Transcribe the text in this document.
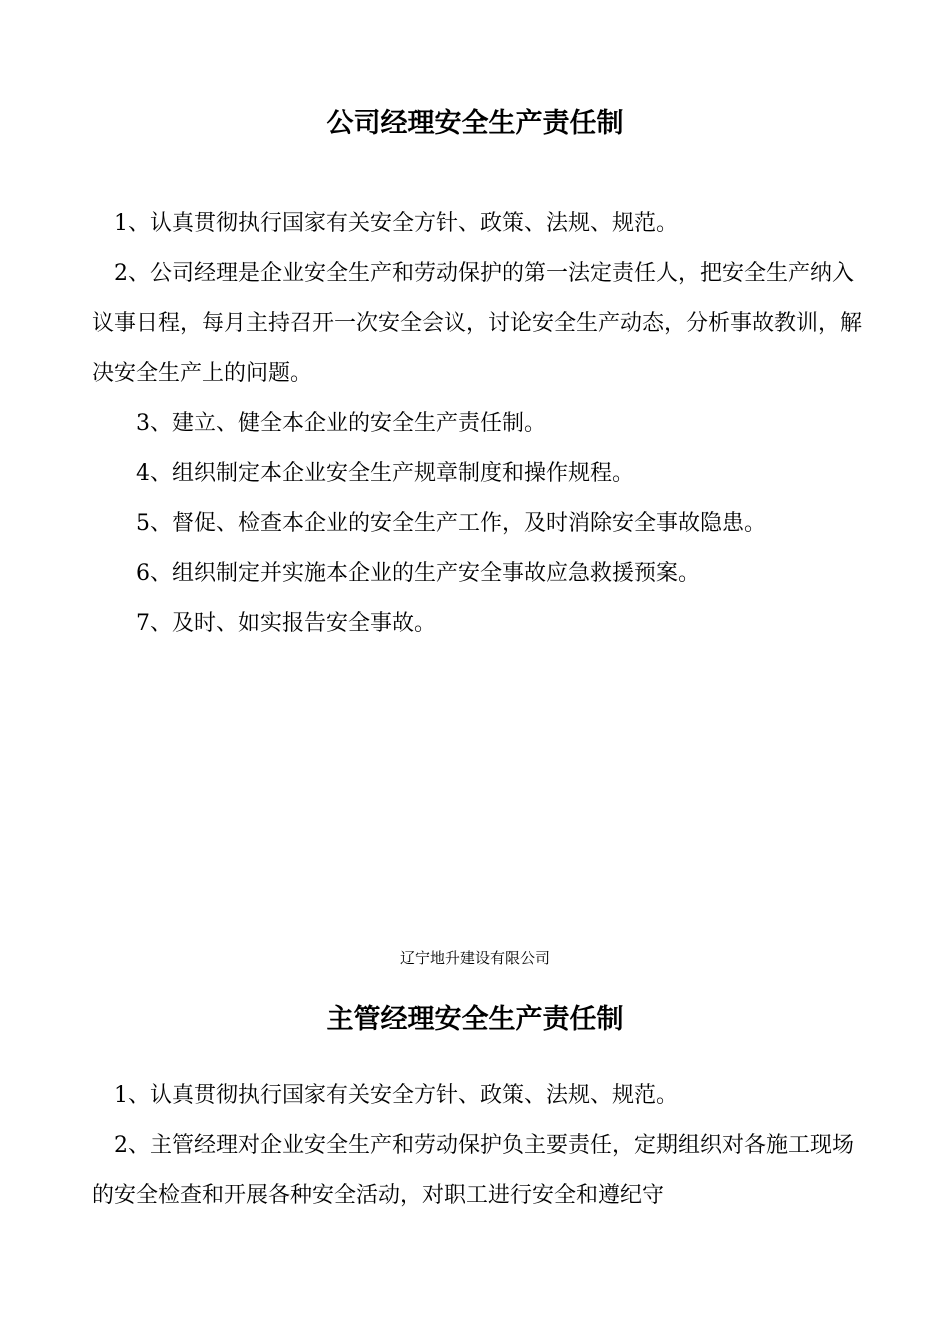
公司经理安全生产责任制

1、认真贯彻执行国家有关安全方针、政策、法规、规范。

2、公司经理是企业安全生产和劳动保护的第一法定责任人，把安全生产纳入议事日程，每月主持召开一次安全会议，讨论安全生产动态，分析事故教训，解决安全生产上的问题。

3、建立、健全本企业的安全生产责任制。

4、组织制定本企业安全生产规章制度和操作规程。

5、督促、检查本企业的安全生产工作，及时消除安全事故隐患。

6、组织制定并实施本企业的生产安全事故应急救援预案。

7、及时、如实报告安全事故。

辽宁地升建设有限公司
主管经理安全生产责任制

1、认真贯彻执行国家有关安全方针、政策、法规、规范。

2、主管经理对企业安全生产和劳动保护负主要责任，定期组织对各施工现场的安全检查和开展各种安全活动，对职工进行安全和遵纪守
